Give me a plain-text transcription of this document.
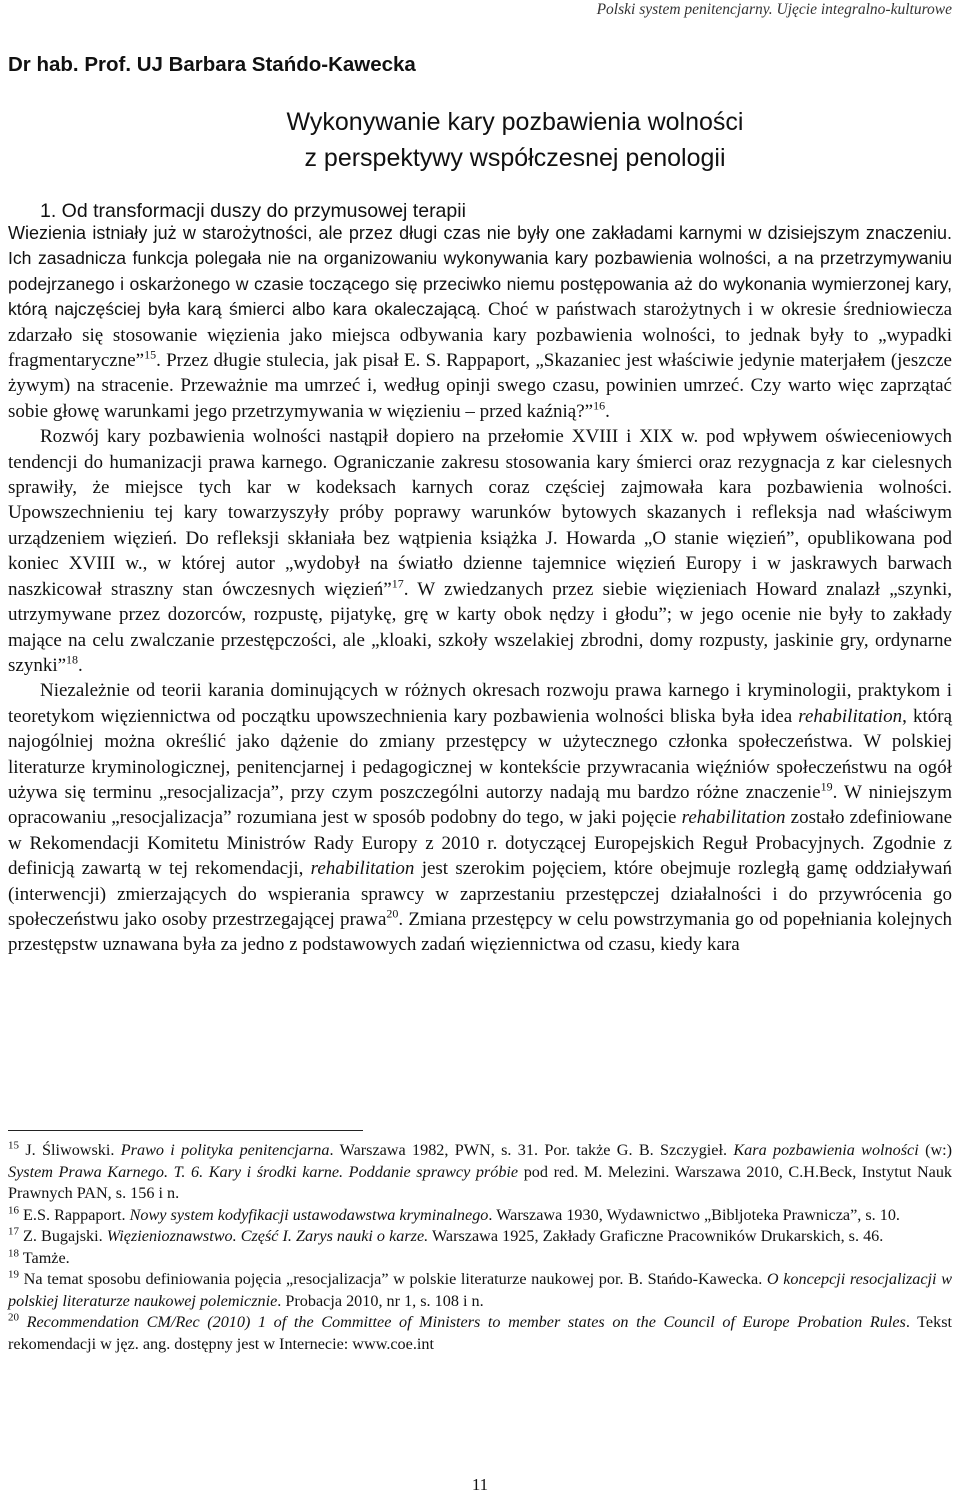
Polski system penitencjarny. Ujęcie integralno-kulturowe
Dr hab. Prof. UJ Barbara Stańdo-Kawecka
Wykonywanie kary pozbawienia wolności
z perspektywy współczesnej penologii
1. Od transformacji duszy do przymusowej terapii

Wiezienia istniały już w starożytności, ale przez długi czas nie były one zakładami karnymi w dzisiejszym znaczeniu. Ich zasadnicza funkcja polegała nie na organizowaniu wykonywania kary pozbawienia wolności, a na przetrzymywaniu podejrzanego i oskarżonego w czasie toczącego się przeciwko niemu postępowania aż do wykonania wymierzonej kary, którą najczęściej była karą śmierci albo kara okaleczającą. Choć w państwach starożytnych i w okresie średniowiecza zdarzało się stosowanie więzienia jako miejsca odbywania kary pozbawienia wolności, to jednak były to „wypadki fragmentaryczne”$^{15}$. Przez długie stulecia, jak pisał E. S. Rappaport, „Skazaniec jest właściwie jedynie materjałem (jeszcze żywym) na stracenie. Przeważnie ma umrzeć i, według opinji swego czasu, powinien umrzeć. Czy warto więc zaprzątać sobie głowę warunkami jego przetrzymywania w więzieniu – przed kaźnią?”$^{16}$.

Rozwój kary pozbawienia wolności nastąpił dopiero na przełomie XVIII i XIX w. pod wpływem oświeceniowych tendencji do humanizacji prawa karnego. Ograniczanie zakresu stosowania kary śmierci oraz rezygnacja z kar cielesnych sprawiły, że miejsce tych kar w kodeksach karnych coraz częściej zajmowała kara pozbawienia wolności. Upowszechnieniu tej kary towarzyszyły próby poprawy warunków bytowych skazanych i refleksja nad właściwym urządzeniem więzień. Do refleksji skłaniała bez wątpienia książka J. Howarda „O stanie więzień”, opublikowana pod koniec XVIII w., w której autor „wydobył na światło dzienne tajemnice więzień Europy i w jaskrawych barwach naszkicował straszny stan ówczesnych więzień”$^{17}$. W zwiedzanych przez siebie więzieniach Howard znalazł „szynki, utrzymywane przez dozorców, rozpustę, pijatykę, grę w karty obok nędzy i głodu”; w jego ocenie nie były to zakłady mające na celu zwalczanie przestępczości, ale „kloaki, szkoły wszelakiej zbrodni, domy rozpusty, jaskinie gry, ordynarne szynki”$^{18}$.

Niezależnie od teorii karania dominujących w różnych okresach rozwoju prawa karnego i kryminologii, praktykom i teoretykom więziennictwa od początku upowszechnienia kary pozbawienia wolności bliska była idea rehabilitation, którą najogólniej można określić jako dążenie do zmiany przestępcy w użytecznego członka społeczeństwa. W polskiej literaturze kryminologicznej, penitencjarnej i pedagogicznej w kontekście przywracania więźniów społeczeństwu na ogół używa się terminu „resocjalizacja”, przy czym poszczególni autorzy nadają mu bardzo różne znaczenie$^{19}$. W niniejszym opracowaniu „resocjalizacja” rozumiana jest w sposób podobny do tego, w jaki pojęcie rehabilitation zostało zdefiniowane w Rekomendacji Komitetu Ministrów Rady Europy z 2010 r. dotyczącej Europejskich Reguł Probacyjnych. Zgodnie z definicją zawartą w tej rekomendacji, rehabilitation jest szerokim pojęciem, które obejmuje rozległą gamę oddziaływań (interwencji) zmierzających do wspierania sprawcy w zaprzestaniu przestępczej działalności i do przywrócenia go społeczeństwu jako osoby przestrzegającej prawa$^{20}$. Zmiana przestępcy w celu powstrzymania go od popełniania kolejnych przestępstw uznawana była za jedno z podstawowych zadań więziennictwa od czasu, kiedy kara

$^{15}$ J. Śliwowski. Prawo i polityka penitencjarna. Warszawa 1982, PWN, s. 31. Por. także G. B. Szczygieł. Kara pozbawienia wolności (w:) System Prawa Karnego. T. 6. Kary i środki karne. Poddanie sprawcy próbie pod red. M. Melezini. Warszawa 2010, C.H.Beck, Instytut Nauk Prawnych PAN, s. 156 i n.

$^{16}$ E.S. Rappaport. Nowy system kodyfikacji ustawodawstwa kryminalnego. Warszawa 1930, Wydawnictwo „Bibljoteka Prawnicza”, s. 10.

$^{17}$ Z. Bugajski. Więzienioznawstwo. Część I. Zarys nauki o karze. Warszawa 1925, Zakłady Graficzne Pracowników Drukarskich, s. 46.

$^{18}$ Tamże.

$^{19}$ Na temat sposobu definiowania pojęcia „resocjalizacja” w polskie literaturze naukowej por. B. Stańdo-Kawecka. O koncepcji resocjalizacji w polskiej literaturze naukowej polemicznie. Probacja 2010, nr 1, s. 108 i n.

$^{20}$ Recommendation CM/Rec (2010) 1 of the Committee of Ministers to member states on the Council of Europe Probation Rules. Tekst rekomendacji w jęz. ang. dostępny jest w Internecie: www.coe.int

11
